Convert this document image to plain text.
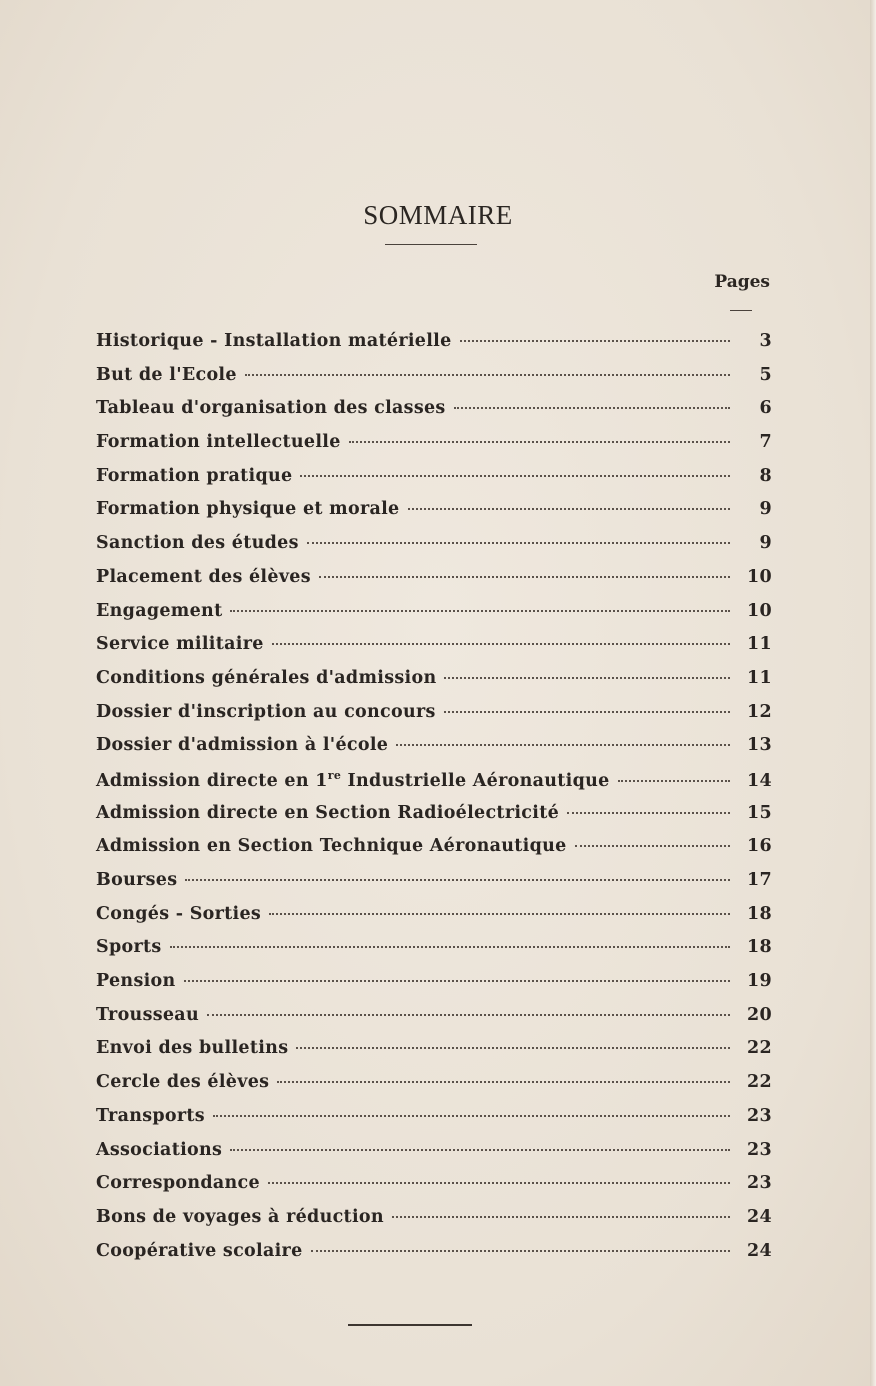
SOMMAIRE
Pages
Historique - Installation matérielle	3
But de l'Ecole	5
Tableau d'organisation des classes	6
Formation intellectuelle	7
Formation pratique	8
Formation physique et morale	9
Sanction des études	9
Placement des élèves	10
Engagement	10
Service militaire	11
Conditions générales d'admission	11
Dossier d'inscription au concours	12
Dossier d'admission à l'école	13
Admission directe en 1re Industrielle Aéronautique	14
Admission directe en Section Radioélectricité	15
Admission en Section Technique Aéronautique	16
Bourses	17
Congés - Sorties	18
Sports	18
Pension	19
Trousseau	20
Envoi des bulletins	22
Cercle des élèves	22
Transports	23
Associations	23
Correspondance	23
Bons de voyages à réduction	24
Coopérative scolaire	24
